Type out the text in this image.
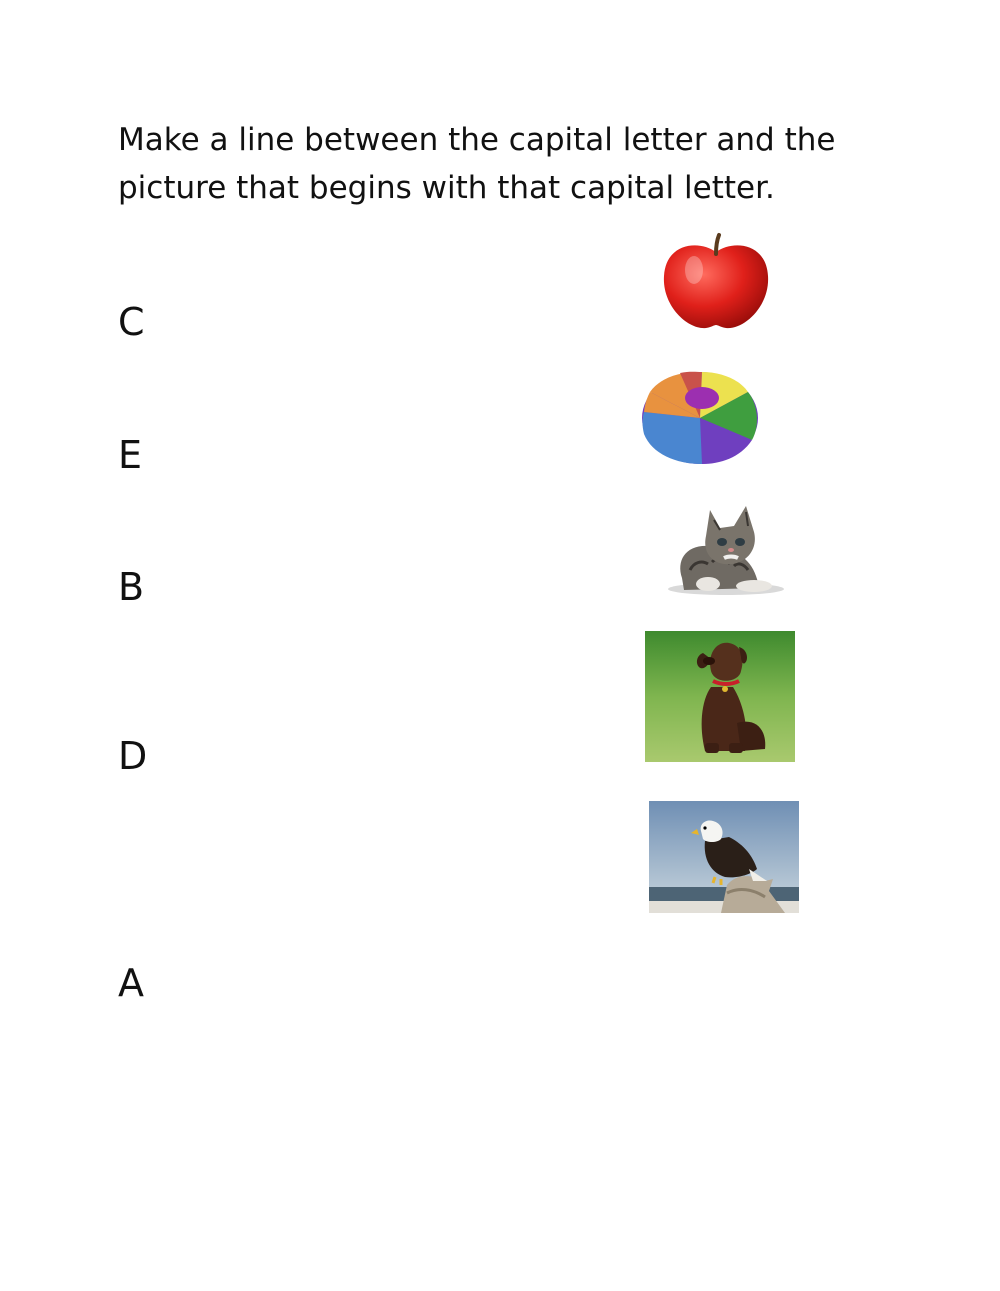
Make a line between the capital letter and the picture that begins with that capital letter.

C
E
B
D
A
